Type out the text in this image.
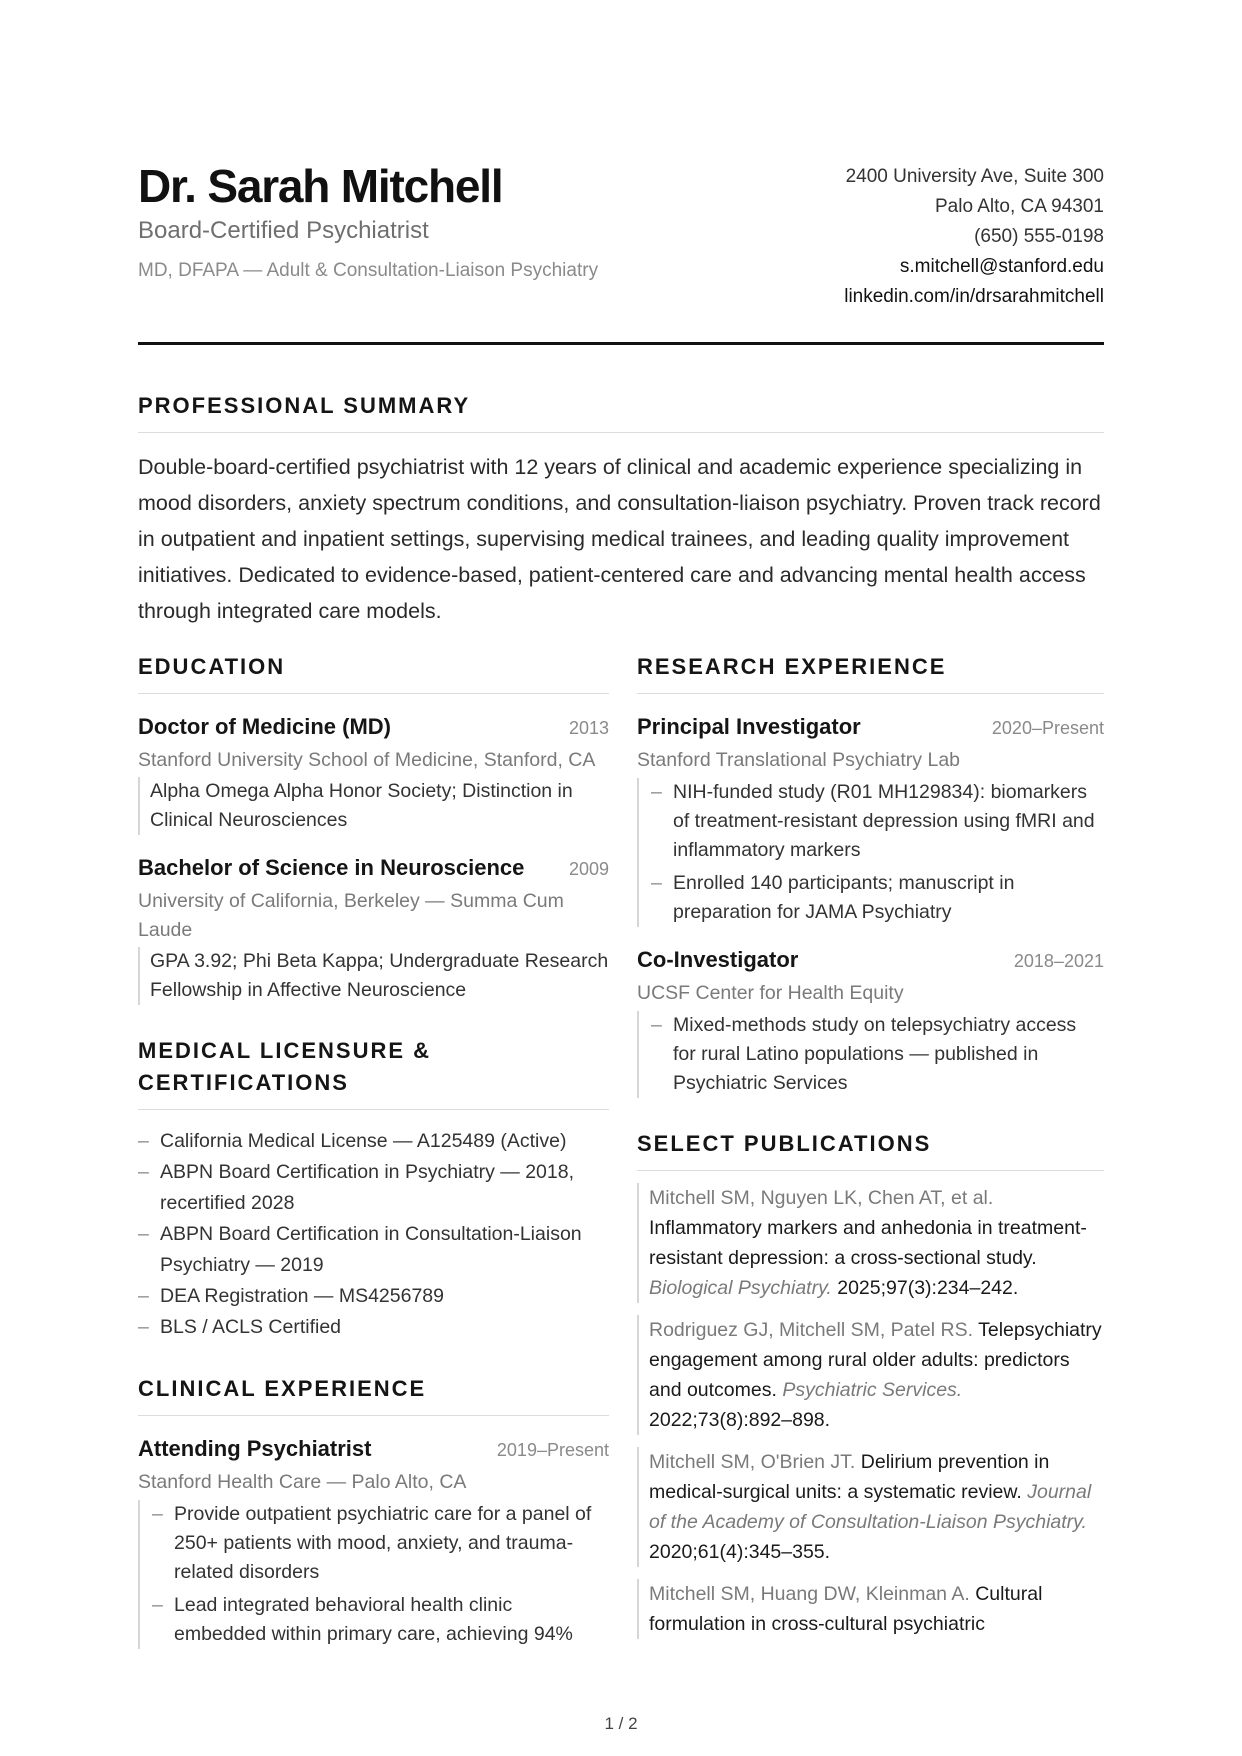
Dr. Sarah Mitchell
Board-Certified Psychiatrist
MD, DFAPA — Adult & Consultation-Liaison Psychiatry
2400 University Ave, Suite 300
Palo Alto, CA 94301
(650) 555-0198
s.mitchell@stanford.edu
linkedin.com/in/drsarahmitchell
PROFESSIONAL SUMMARY

Double-board-certified psychiatrist with 12 years of clinical and academic experience specializing in mood disorders, anxiety spectrum conditions, and consultation-liaison psychiatry. Proven track record in outpatient and inpatient settings, supervising medical trainees, and leading quality improvement initiatives. Dedicated to evidence-based, patient-centered care and advancing mental health access through integrated care models.

EDUCATION
Doctor of Medicine (MD)	2013
Stanford University School of Medicine, Stanford, CA
Alpha Omega Alpha Honor Society; Distinction in Clinical Neurosciences
Bachelor of Science in Neuroscience 2009
University of California, Berkeley — Summa Cum Laude
GPA 3.92; Phi Beta Kappa; Undergraduate Research Fellowship in Affective Neuroscience
MEDICAL LICENSURE & CERTIFICATIONS
– California Medical License — A125489 (Active)
– ABPN Board Certification in Psychiatry — 2018, recertified 2028
– ABPN Board Certification in Consultation-Liaison Psychiatry — 2019
– DEA Registration — MS4256789
– BLS / ACLS Certified
CLINICAL EXPERIENCE
Attending Psychiatrist	2019–Present
Stanford Health Care — Palo Alto, CA
– Provide outpatient psychiatric care for a panel of 250+ patients with mood, anxiety, and trauma-related disorders
– Lead integrated behavioral health clinic embedded within primary care, achieving 94%
RESEARCH EXPERIENCE
Principal Investigator	2020–Present
Stanford Translational Psychiatry Lab
– NIH-funded study (R01 MH129834): biomarkers of treatment-resistant depression using fMRI and inflammatory markers
– Enrolled 140 participants; manuscript in preparation for JAMA Psychiatry
Co-Investigator	2018–2021
UCSF Center for Health Equity
– Mixed-methods study on telepsychiatry access for rural Latino populations — published in Psychiatric Services
SELECT PUBLICATIONS
Mitchell SM, Nguyen LK, Chen AT, et al. Inflammatory markers and anhedonia in treatment-resistant depression: a cross-sectional study. Biological Psychiatry. 2025;97(3):234–242.
Rodriguez GJ, Mitchell SM, Patel RS. Telepsychiatry engagement among rural older adults: predictors and outcomes. Psychiatric Services. 2022;73(8):892–898.
Mitchell SM, O'Brien JT. Delirium prevention in medical-surgical units: a systematic review. Journal of the Academy of Consultation-Liaison Psychiatry. 2020;61(4):345–355.
Mitchell SM, Huang DW, Kleinman A. Cultural formulation in cross-cultural psychiatric
1 / 2
